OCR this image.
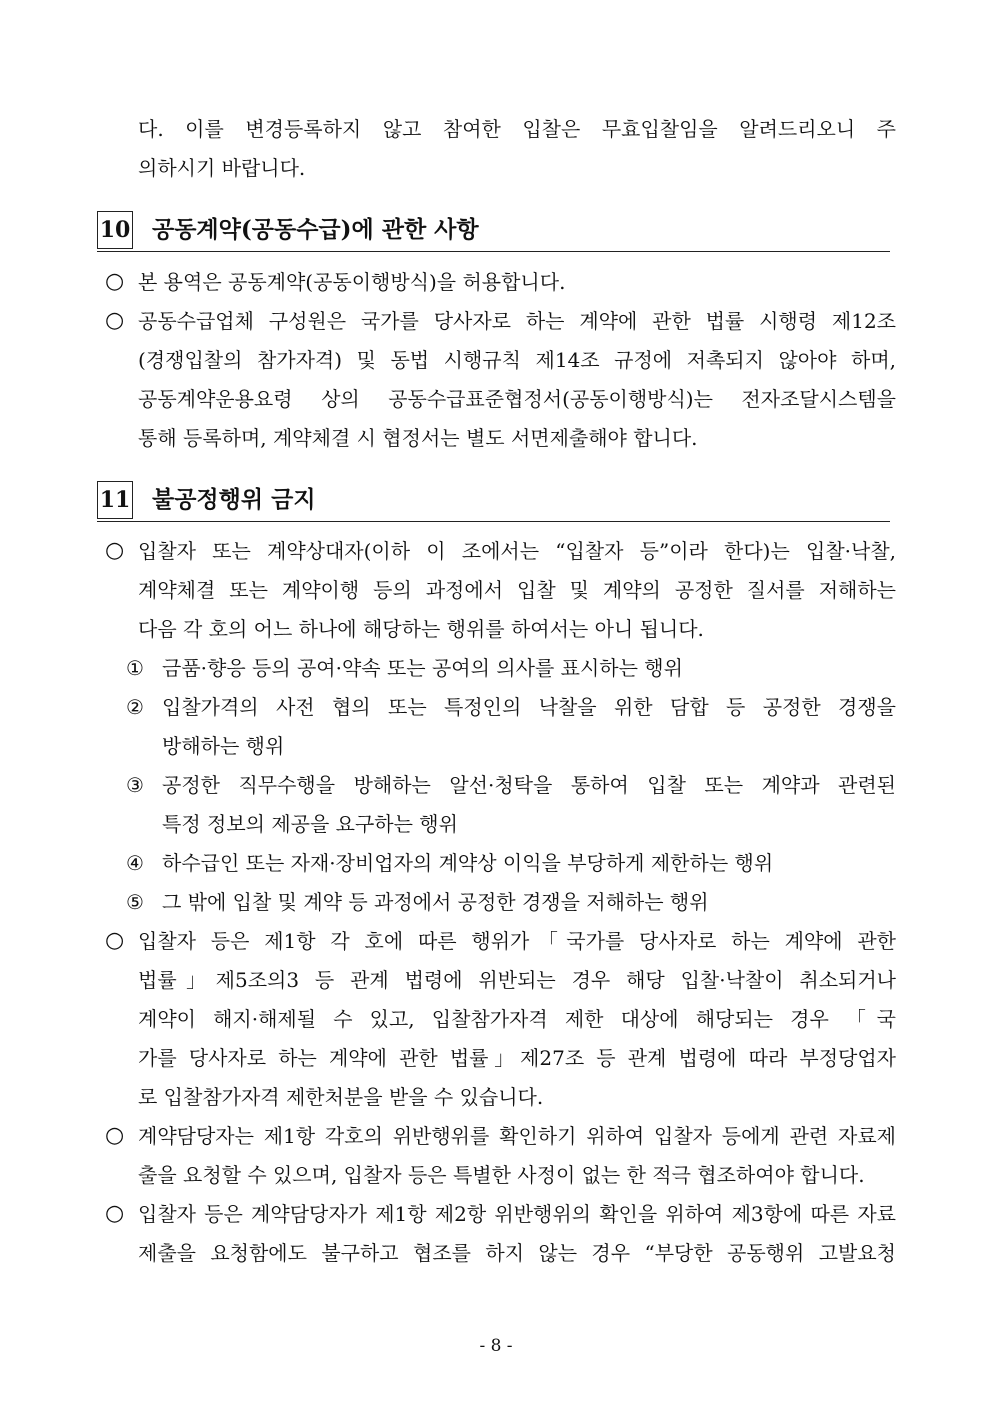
다. 이를 변경등록하지 않고 참여한 입찰은 무효입찰임을 알려드리오니 주
의하시기 바랍니다.
10 공동계약(공동수급)에 관한 사항
○ 본 용역은 공동계약(공동이행방식)을 허용합니다.
○ 공동수급업체 구성원은 국가를 당사자로 하는 계약에 관한 법률 시행령 제12조
(경쟁입찰의 참가자격) 및 동법 시행규칙 제14조 규정에 저촉되지 않아야 하며,
공동계약운용요령 상의 공동수급표준협정서(공동이행방식)는 전자조달시스템을
통해 등록하며, 계약체결 시 협정서는 별도 서면제출해야 합니다.
11 불공정행위 금지
○ 입찰자 또는 계약상대자(이하 이 조에서는 “입찰자 등”이라 한다)는 입찰·낙찰,
계약체결 또는 계약이행 등의 과정에서 입찰 및 계약의 공정한 질서를 저해하는
다음 각 호의 어느 하나에 해당하는 행위를 하여서는 아니 됩니다.
① 금품·향응 등의 공여·약속 또는 공여의 의사를 표시하는 행위
② 입찰가격의 사전 협의 또는 특정인의 낙찰을 위한 담합 등 공정한 경쟁을
방해하는 행위
③ 공정한 직무수행을 방해하는 알선·청탁을 통하여 입찰 또는 계약과 관련된
특정 정보의 제공을 요구하는 행위
④ 하수급인 또는 자재·장비업자의 계약상 이익을 부당하게 제한하는 행위
⑤ 그 밖에 입찰 및 계약 등 과정에서 공정한 경쟁을 저해하는 행위
○ 입찰자 등은 제1항 각 호에 따른 행위가「국가를 당사자로 하는 계약에 관한
법률」제5조의3 등 관계 법령에 위반되는 경우 해당 입찰·낙찰이 취소되거나
계약이 해지·해제될 수 있고, 입찰참가자격 제한 대상에 해당되는 경우 「국
가를 당사자로 하는 계약에 관한 법률」제27조 등 관계 법령에 따라 부정당업자
로 입찰참가자격 제한처분을 받을 수 있습니다.
○ 계약담당자는 제1항 각호의 위반행위를 확인하기 위하여 입찰자 등에게 관련 자료제
출을 요청할 수 있으며, 입찰자 등은 특별한 사정이 없는 한 적극 협조하여야 합니다.
○ 입찰자 등은 계약담당자가 제1항 제2항 위반행위의 확인을 위하여 제3항에 따른 자료
제출을 요청함에도 불구하고 협조를 하지 않는 경우 “부당한 공동행위 고발요청
- 8 -
